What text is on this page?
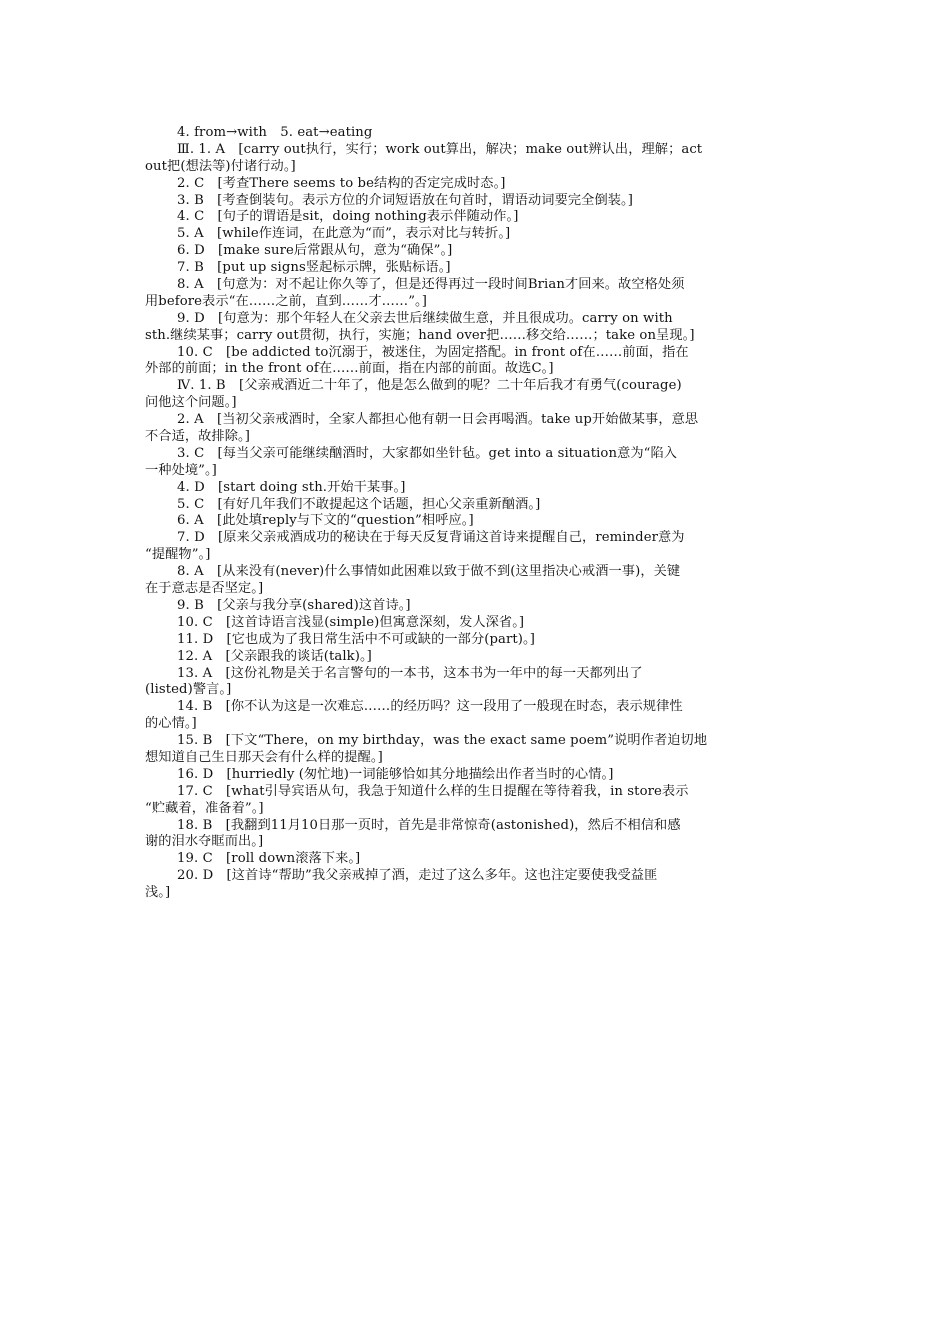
4. from→with　5. eat→eating
Ⅲ. 1. A　[carry out执行，实行；work out算出，解决；make out辨认出，理解；act
out把(想法等)付诸行动。]
2. C　[考查There seems to be结构的否定完成时态。]
3. B　[考查倒装句。表示方位的介词短语放在句首时，谓语动词要完全倒装。]
4. C　[句子的谓语是sit，doing nothing表示伴随动作。]
5. A　[while作连词，在此意为“而”，表示对比与转折。]
6. D　[make sure后常跟从句，意为“确保”。]
7. B　[put up signs竖起标示牌，张贴标语。]
8. A　[句意为：对不起让你久等了，但是还得再过一段时间Brian才回来。故空格处须
用before表示“在……之前，直到……才……”。]
9. D　[句意为：那个年轻人在父亲去世后继续做生意，并且很成功。carry on with
sth.继续某事；carry out贯彻，执行，实施；hand over把……移交给……；take on呈现。]
10. C　[be addicted to沉溺于，被迷住，为固定搭配。in front of在……前面，指在
外部的前面；in the front of在……前面，指在内部的前面。故选C。]
Ⅳ. 1. B　[父亲戒酒近二十年了，他是怎么做到的呢？二十年后我才有勇气(courage)
问他这个问题。]
2. A　[当初父亲戒酒时，全家人都担心他有朝一日会再喝酒。take up开始做某事，意思
不合适，故排除。]
3. C　[每当父亲可能继续酗酒时，大家都如坐针毡。get into a situation意为“陷入
一种处境”。]
4. D　[start doing sth.开始干某事。]
5. C　[有好几年我们不敢提起这个话题，担心父亲重新酗酒。]
6. A　[此处填reply与下文的“question”相呼应。]
7. D　[原来父亲戒酒成功的秘诀在于每天反复背诵这首诗来提醒自己，reminder意为
“提醒物”。]
8. A　[从来没有(never)什么事情如此困难以致于做不到(这里指决心戒酒一事)，关键
在于意志是否坚定。]
9. B　[父亲与我分享(shared)这首诗。]
10. C　[这首诗语言浅显(simple)但寓意深刻，发人深省。]
11. D　[它也成为了我日常生活中不可或缺的一部分(part)。]
12. A　[父亲跟我的谈话(talk)。]
13. A　[这份礼物是关于名言警句的一本书，这本书为一年中的每一天都列出了
(listed)警言。]
14. B　[你不认为这是一次难忘……的经历吗？这一段用了一般现在时态，表示规律性
的心情。]
15. B　[下文“There，on my birthday，was the exact same poem”说明作者迫切地
想知道自己生日那天会有什么样的提醒。]
16. D　[hurriedly (匆忙地)一词能够恰如其分地描绘出作者当时的心情。]
17. C　[what引导宾语从句，我急于知道什么样的生日提醒在等待着我，in store表示
“贮藏着，准备着”。]
18. B　[我翻到11月10日那一页时，首先是非常惊奇(astonished)，然后不相信和感
谢的泪水夺眶而出。]
19. C　[roll down滚落下来。]
20. D　[这首诗“帮助”我父亲戒掉了酒，走过了这么多年。这也注定要使我受益匪
浅。]
